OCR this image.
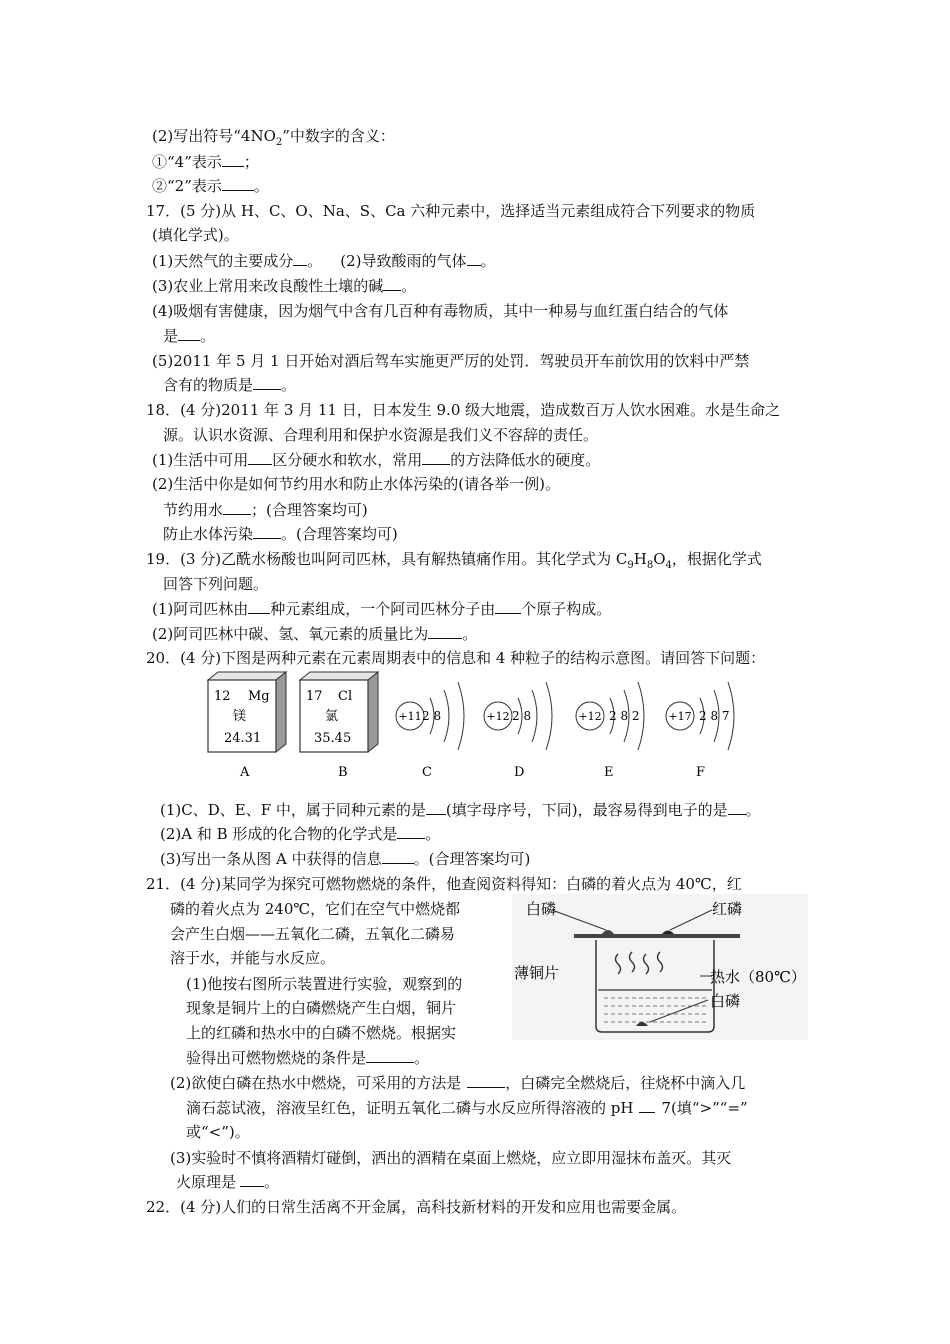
(2)写出符号“$4NO_2$”中数字的含义：
①“4”表示 ；
②“2”表示 。
17．(5 分)从 H、C、O、Na、S、Ca 六种元素中，选择适当元素组成符合下列要求的物质
(填化学式)。
(1)天然气的主要成分 。 (2)导致酸雨的气体 。
(3)农业上常用来改良酸性土壤的碱 。
(4)吸烟有害健康，因为烟气中含有几百种有毒物质，其中一种易与血红蛋白结合的气体
是 。
(5)2011 年 5 月 1 日开始对酒后驾车实施更严厉的处罚．驾驶员开车前饮用的饮料中严禁
含有的物质是 。
18．(4 分)2011 年 3 月 11 日，日本发生 9.0 级大地震，造成数百万人饮水困难。水是生命之
源。认识水资源、合理利用和保护水资源是我们义不容辞的责任。
(1)生活中可用 区分硬水和软水，常用 的方法降低水的硬度。
(2)生活中你是如何节约用水和防止水体污染的(请各举一例)。
节约用水 ；(合理答案均可)
防止水体污染 。(合理答案均可)
19．(3 分)乙酰水杨酸也叫阿司匹林，具有解热镇痛作用。其化学式为 $C_9H_8O_4$，根据化学式
回答下列问题。
(1)阿司匹林由 种元素组成，一个阿司匹林分子由 个原子构成。
(2)阿司匹林中碳、氢、氧元素的质量比为 。
20．(4 分)下图是两种元素在元素周期表中的信息和 4 种粒子的结构示意图。请回答下问题：
12 Mg
镁
24.31
A
17 Cl
氯
35.45
B
+11 2 8
C
+12 2 8
D
+12 2 8 2
E
+17 2 8 7
F
(1)C、D、E、F 中，属于同种元素的是 (填字母序号，下同)，最容易得到电子的是 。
(2)A 和 B 形成的化合物的化学式是 。
(3)写出一条从图 A 中获得的信息 。(合理答案均可)
21．(4 分)某同学为探究可燃物燃烧的条件，他查阅资料得知：白磷的着火点为 40℃，红
磷的着火点为 240℃，它们在空气中燃烧都
会产生白烟——五氧化二磷，五氧化二磷易
溶于水，并能与水反应。
(1)他按右图所示装置进行实验，观察到的
现象是铜片上的白磷燃烧产生白烟，铜片
上的红磷和热水中的白磷不燃烧。根据实
验得出可燃物燃烧的条件是	。
白磷	红磷
薄铜片	热水（80℃）
白磷
(2)欲使白磷在热水中燃烧，可采用的方法是	，白磷完全燃烧后，往烧杯中滴入几
滴石蕊试液，溶液呈红色，证明五氧化二磷与水反应所得溶液的 pH 7(填“>”“=”
或“<”)。
(3)实验时不慎将酒精灯碰倒，洒出的酒精在桌面上燃烧，应立即用湿抹布盖灭。其灭
火原理是 。
22．(4 分)人们的日常生活离不开金属，高科技新材料的开发和应用也需要金属。
